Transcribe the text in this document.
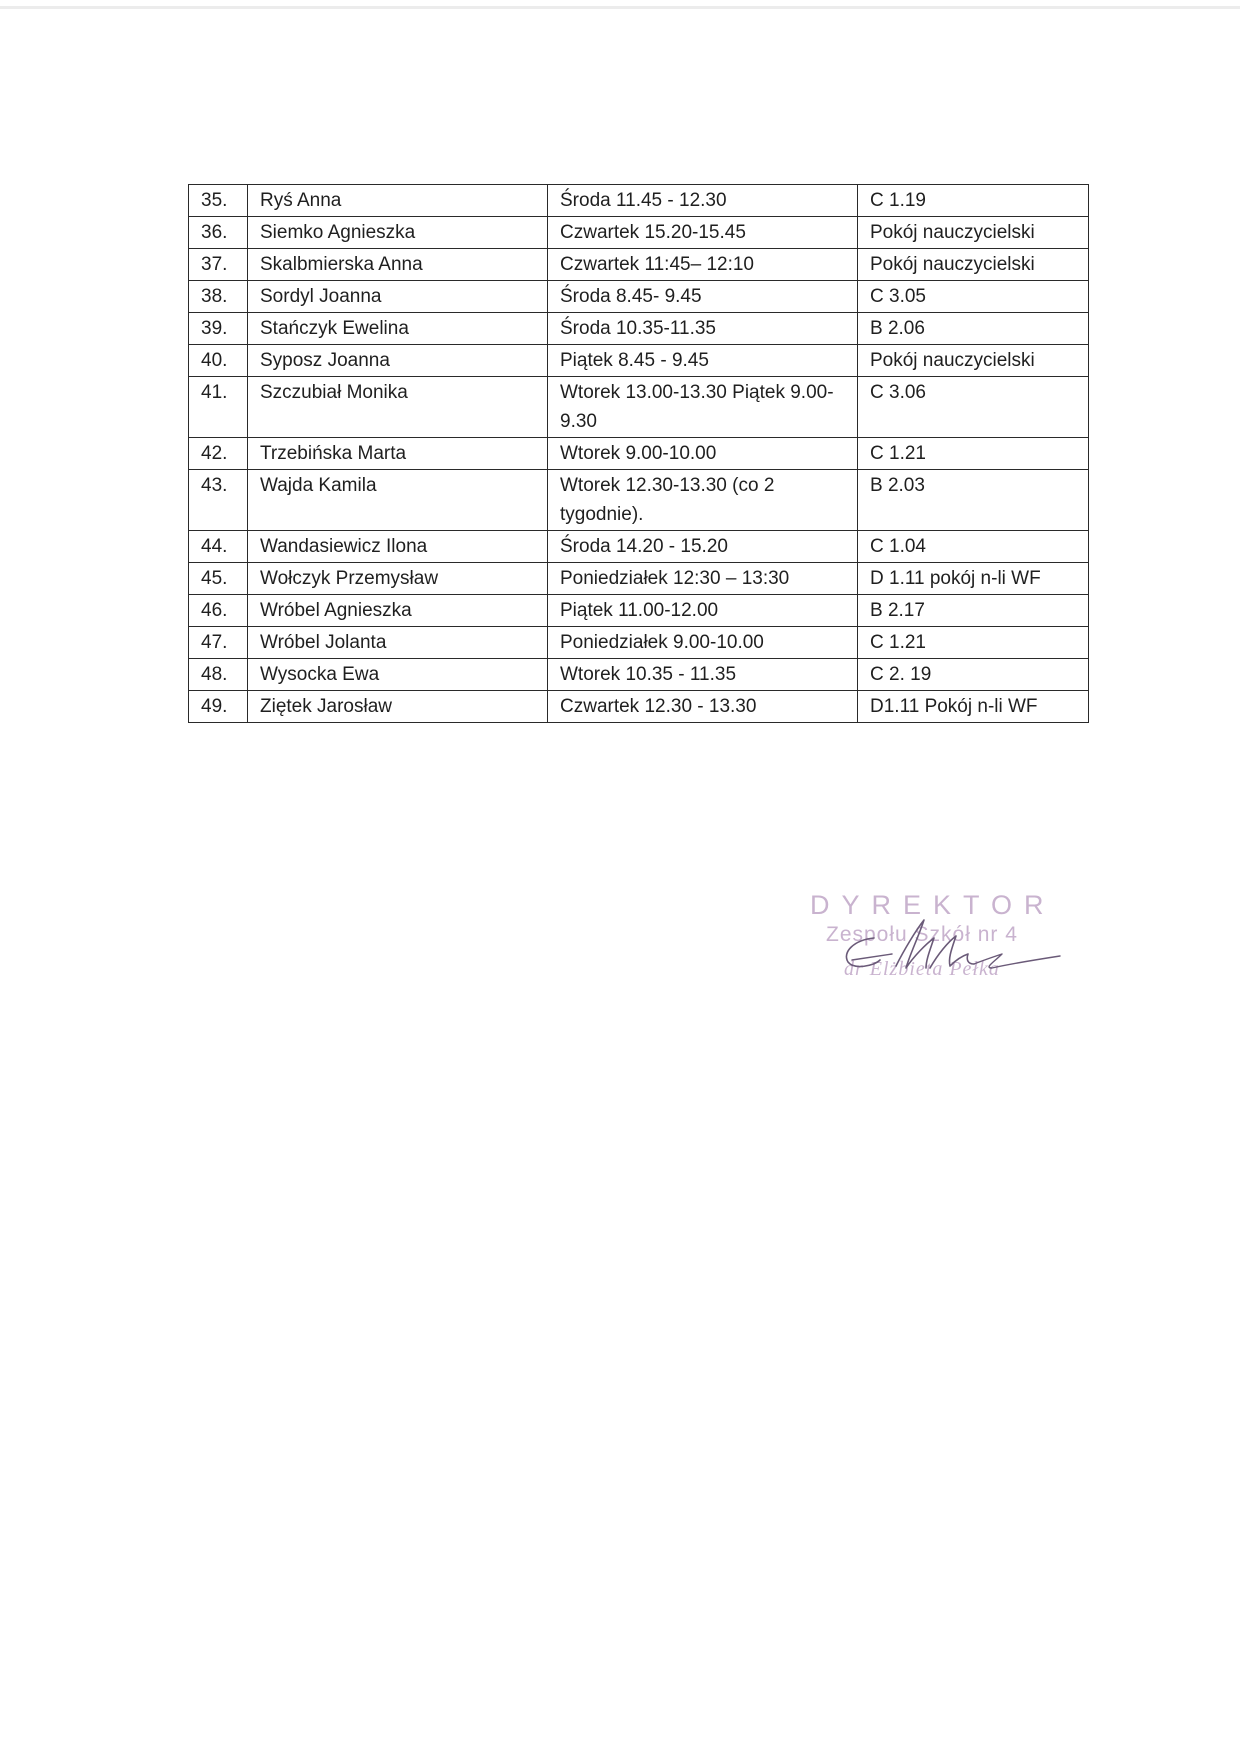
35.	Ryś Anna	Środa 11.45 - 12.30	C 1.19
36.	Siemko Agnieszka	Czwartek 15.20-15.45	Pokój nauczycielski
37.	Skalbmierska Anna	Czwartek 11:45– 12:10	Pokój nauczycielski
38.	Sordyl Joanna	Środa 8.45- 9.45	C 3.05
39.	Stańczyk Ewelina	Środa 10.35-11.35	B 2.06
40.	Syposz Joanna	Piątek 8.45 - 9.45	Pokój nauczycielski
41.	Szczubiał Monika	Wtorek 13.00-13.30 Piątek 9.00-9.30	C 3.06
42.	Trzebińska Marta	Wtorek 9.00-10.00	C 1.21
43.	Wajda Kamila	Wtorek 12.30-13.30 (co 2 tygodnie).	B 2.03
44.	Wandasiewicz Ilona	Środa 14.20 - 15.20	C 1.04
45.	Wołczyk Przemysław	Poniedziałek 12:30 – 13:30	D 1.11 pokój n-li WF
46.	Wróbel Agnieszka	Piątek 11.00-12.00	B 2.17
47.	Wróbel Jolanta	Poniedziałek 9.00-10.00	C 1.21
48.	Wysocka Ewa	Wtorek 10.35 - 11.35	C 2. 19
49.	Ziętek Jarosław	Czwartek 12.30 - 13.30	D1.11 Pokój n-li WF
DYREKTOR
Zespołu Szkół nr 4
dr Elżbieta Pełka
